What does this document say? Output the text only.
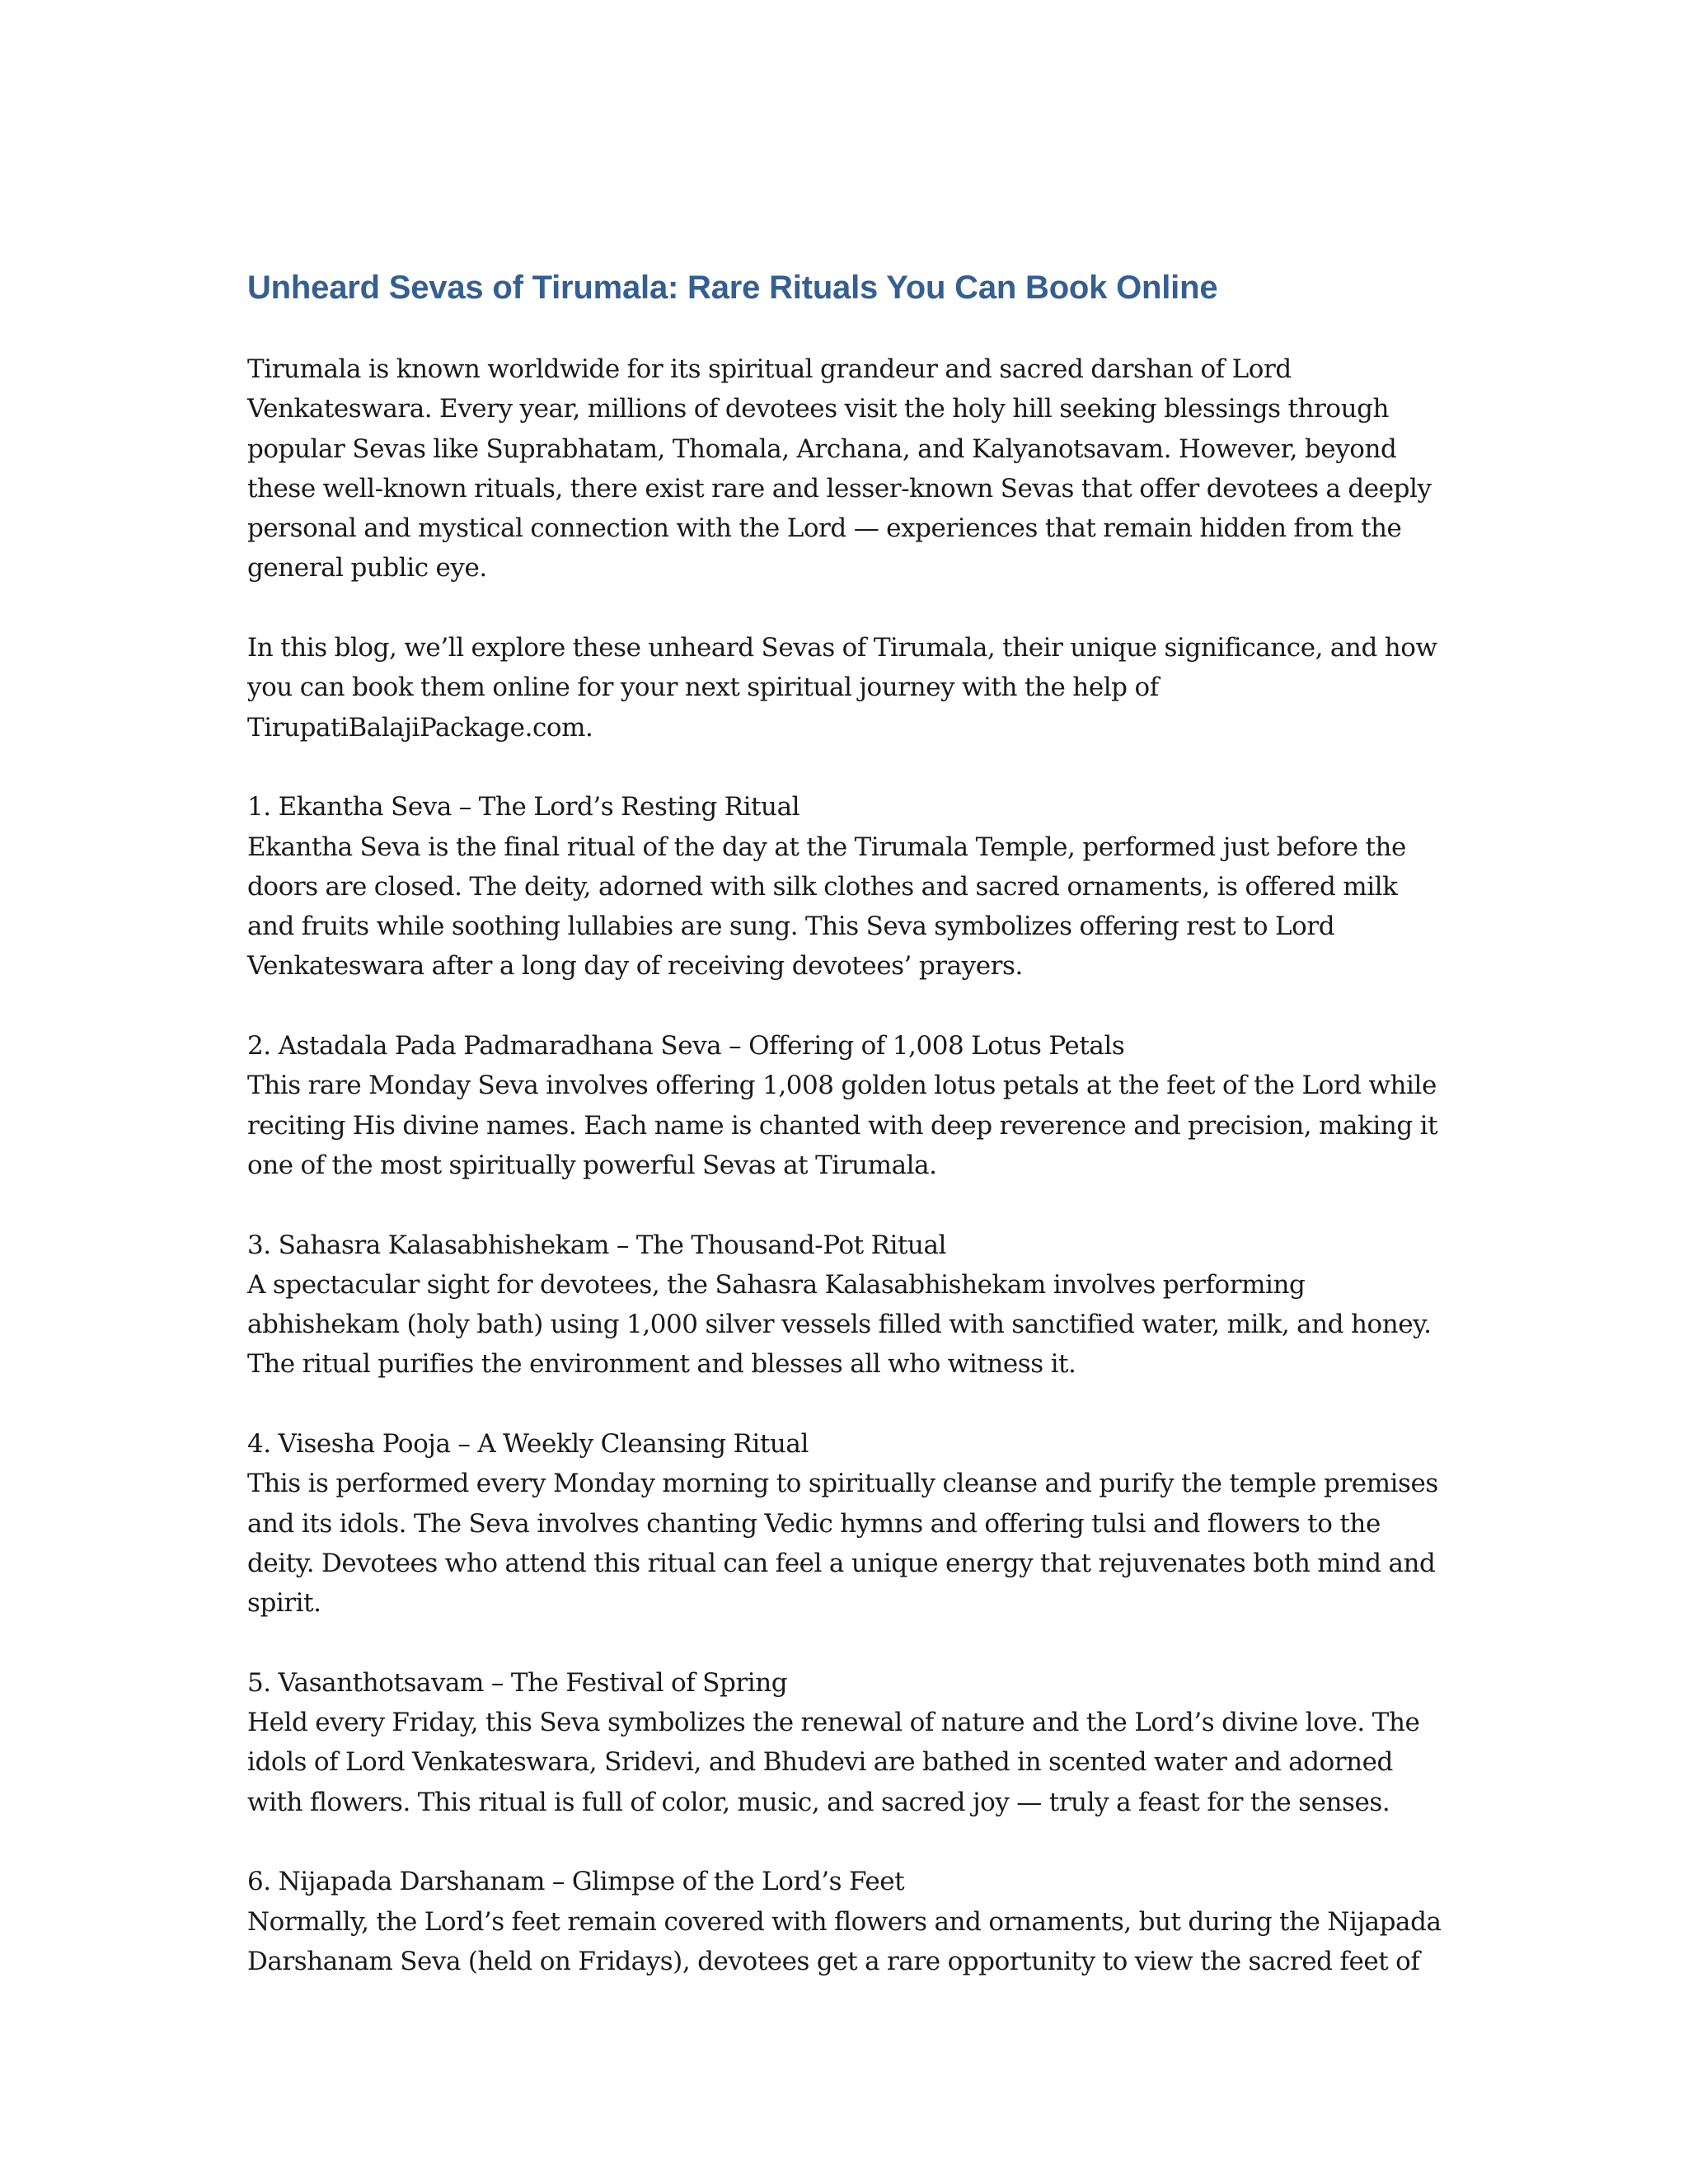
Unheard Sevas of Tirumala: Rare Rituals You Can Book Online

Tirumala is known worldwide for its spiritual grandeur and sacred darshan of Lord Venkateswara. Every year, millions of devotees visit the holy hill seeking blessings through popular Sevas like Suprabhatam, Thomala, Archana, and Kalyanotsavam. However, beyond these well-known rituals, there exist rare and lesser-known Sevas that offer devotees a deeply personal and mystical connection with the Lord — experiences that remain hidden from the general public eye.

In this blog, we’ll explore these unheard Sevas of Tirumala, their unique significance, and how you can book them online for your next spiritual journey with the help of TirupatiBalajiPackage.com.

1. Ekantha Seva – The Lord’s Resting Ritual

Ekantha Seva is the final ritual of the day at the Tirumala Temple, performed just before the doors are closed. The deity, adorned with silk clothes and sacred ornaments, is offered milk and fruits while soothing lullabies are sung. This Seva symbolizes offering rest to Lord Venkateswara after a long day of receiving devotees’ prayers.

2. Astadala Pada Padmaradhana Seva – Offering of 1,008 Lotus Petals

This rare Monday Seva involves offering 1,008 golden lotus petals at the feet of the Lord while reciting His divine names. Each name is chanted with deep reverence and precision, making it one of the most spiritually powerful Sevas at Tirumala.

3. Sahasra Kalasabhishekam – The Thousand-Pot Ritual

A spectacular sight for devotees, the Sahasra Kalasabhishekam involves performing abhishekam (holy bath) using 1,000 silver vessels filled with sanctified water, milk, and honey. The ritual purifies the environment and blesses all who witness it.

4. Visesha Pooja – A Weekly Cleansing Ritual

This is performed every Monday morning to spiritually cleanse and purify the temple premises and its idols. The Seva involves chanting Vedic hymns and offering tulsi and flowers to the deity. Devotees who attend this ritual can feel a unique energy that rejuvenates both mind and spirit.

5. Vasanthotsavam – The Festival of Spring

Held every Friday, this Seva symbolizes the renewal of nature and the Lord’s divine love. The idols of Lord Venkateswara, Sridevi, and Bhudevi are bathed in scented water and adorned with flowers. This ritual is full of color, music, and sacred joy — truly a feast for the senses.

6. Nijapada Darshanam – Glimpse of the Lord’s Feet

Normally, the Lord’s feet remain covered with flowers and ornaments, but during the Nijapada Darshanam Seva (held on Fridays), devotees get a rare opportunity to view the sacred feet of
